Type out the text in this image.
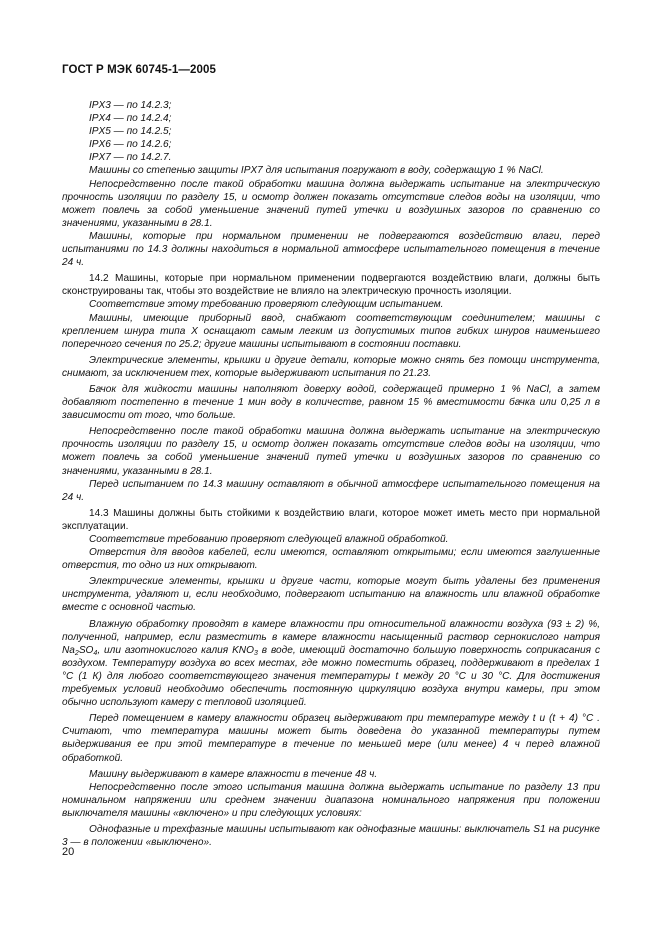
ГОСТ Р МЭК 60745-1—2005
IPX3 — по 14.2.3;
IPX4 — по 14.2.4;
IPX5 — по 14.2.5;
IPX6 — по 14.2.6;
IPX7 — по 14.2.7.

Машины со степенью защиты IPX7 для испытания погружают в воду, содержащую 1 % NaCl.

Непосредственно после такой обработки машина должна выдержать испытание на электрическую прочность изоляции по разделу 15, и осмотр должен показать отсутствие следов воды на изоляции, что может повлечь за собой уменьшение значений путей утечки и воздушных зазоров по сравнению со значениями, указанными в 28.1.

Машины, которые при нормальном применении не подвергаются воздействию влаги, перед испытаниями по 14.3 должны находиться в нормальной атмосфере испытательного помещения в течение 24 ч.

14.2 Машины, которые при нормальном применении подвергаются воздействию влаги, должны быть сконструированы так, чтобы это воздействие не влияло на электрическую прочность изоляции.

Соответствие этому требованию проверяют следующим испытанием.

Машины, имеющие приборный ввод, снабжают соответствующим соединителем; машины с креплением шнура типа X оснащают самым легким из допустимых типов гибких шнуров наименьшего поперечного сечения по 25.2; другие машины испытывают в состоянии поставки.

Электрические элементы, крышки и другие детали, которые можно снять без помощи инструмента, снимают, за исключением тех, которые выдерживают испытания по 21.23.

Бачок для жидкости машины наполняют доверху водой, содержащей примерно 1 % NaCl, а затем добавляют постепенно в течение 1 мин воду в количестве, равном 15 % вместимости бачка или 0,25 л в зависимости от того, что больше.

Непосредственно после такой обработки машина должна выдержать испытание на электрическую прочность изоляции по разделу 15, и осмотр должен показать отсутствие следов воды на изоляции, что может повлечь за собой уменьшение значений путей утечки и воздушных зазоров по сравнению со значениями, указанными в 28.1.

Перед испытанием по 14.3 машину оставляют в обычной атмосфере испытательного помещения на 24 ч.

14.3 Машины должны быть стойкими к воздействию влаги, которое может иметь место при нормальной эксплуатации.

Соответствие требованию проверяют следующей влажной обработкой.

Отверстия для вводов кабелей, если имеются, оставляют открытыми; если имеются заглушенные отверстия, то одно из них открывают.

Электрические элементы, крышки и другие части, которые могут быть удалены без применения инструмента, удаляют и, если необходимо, подвергают испытанию на влажность или влажной обработке вместе с основной частью.

Влажную обработку проводят в камере влажности при относительной влажности воздуха (93 ± 2) %, полученной, например, если разместить в камере влажности насыщенный раствор сернокислого натрия $Na_2SO_4$, или азотнокислого калия $KNO_3$ в воде, имеющий достаточно большую поверхность соприкасания с воздухом. Температуру воздуха во всех местах, где можно поместить образец, поддерживают в пределах 1 °С (1 К) для любого соответствующего значения температуры t между 20 °С и 30 °С. Для достижения требуемых условий необходимо обеспечить постоянную циркуляцию воздуха внутри камеры, при этом обычно используют камеру с тепловой изоляцией.

Перед помещением в камеру влажности образец выдерживают при температуре между t и (t + 4) °С . Считают, что температура машины может быть доведена до указанной температуры путем выдерживания ее при этой температуре в течение по меньшей мере (или менее) 4 ч перед влажной обработкой.

Машину выдерживают в камере влажности в течение 48 ч.

Непосредственно после этого испытания машина должна выдержать испытание по разделу 13 при номинальном напряжении или среднем значении диапазона номинального напряжения при положении выключателя машины «включено» и при следующих условиях:

Однофазные и трехфазные машины испытывают как однофазные машины: выключатель S1 на рисунке 3 — в положении «выключено».

20
